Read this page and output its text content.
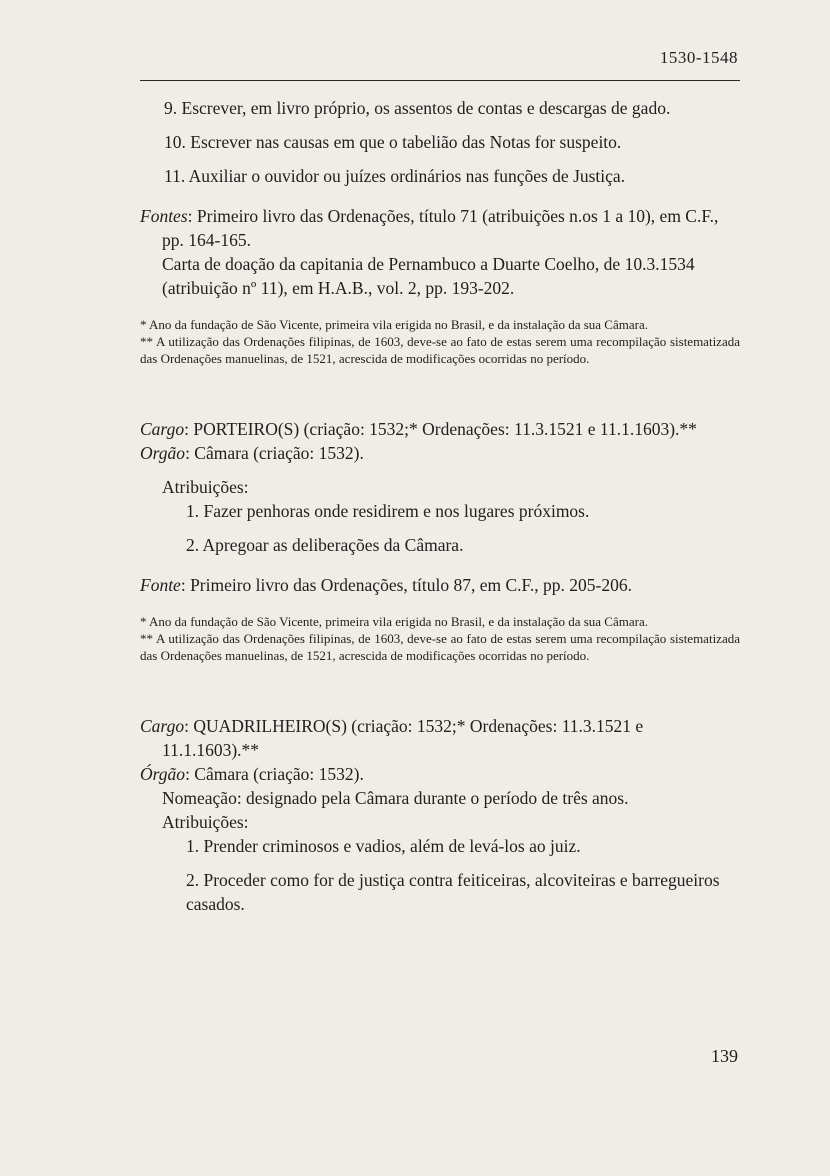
1530-1548

9. Escrever, em livro próprio, os assentos de contas e descargas de gado.

10. Escrever nas causas em que o tabelião das Notas for suspeito.

11. Auxiliar o ouvidor ou juízes ordinários nas funções de Justiça.

Fontes: Primeiro livro das Ordenações, título 71 (atribuições n.os 1 a 10), em C.F., pp. 164-165.

Carta de doação da capitania de Pernambuco a Duarte Coelho, de 10.3.1534 (atribuição nº 11), em H.A.B., vol. 2, pp. 193-202.

* Ano da fundação de São Vicente, primeira vila erigida no Brasil, e da instalação da sua Câmara.

** A utilização das Ordenações filipinas, de 1603, deve-se ao fato de estas serem uma recompilação sistematizada das Ordenações manuelinas, de 1521, acrescida de modificações ocorridas no período.

Cargo: PORTEIRO(S) (criação: 1532;* Ordenações: 11.3.1521 e 11.1.1603).**

Orgão: Câmara (criação: 1532).

Atribuições:

1. Fazer penhoras onde residirem e nos lugares próximos.

2. Apregoar as deliberações da Câmara.

Fonte: Primeiro livro das Ordenações, título 87, em C.F., pp. 205-206.

* Ano da fundação de São Vicente, primeira vila erigida no Brasil, e da instalação da sua Câmara.

** A utilização das Ordenações filipinas, de 1603, deve-se ao fato de estas serem uma recompilação sistematizada das Ordenações manuelinas, de 1521, acrescida de modificações ocorridas no período.

Cargo: QUADRILHEIRO(S) (criação: 1532;* Ordenações: 11.3.1521 e 11.1.1603).**

Órgão: Câmara (criação: 1532).

Nomeação: designado pela Câmara durante o período de três anos.

Atribuições:

1. Prender criminosos e vadios, além de levá-los ao juiz.

2. Proceder como for de justiça contra feiticeiras, alcoviteiras e barregueiros casados.

139
